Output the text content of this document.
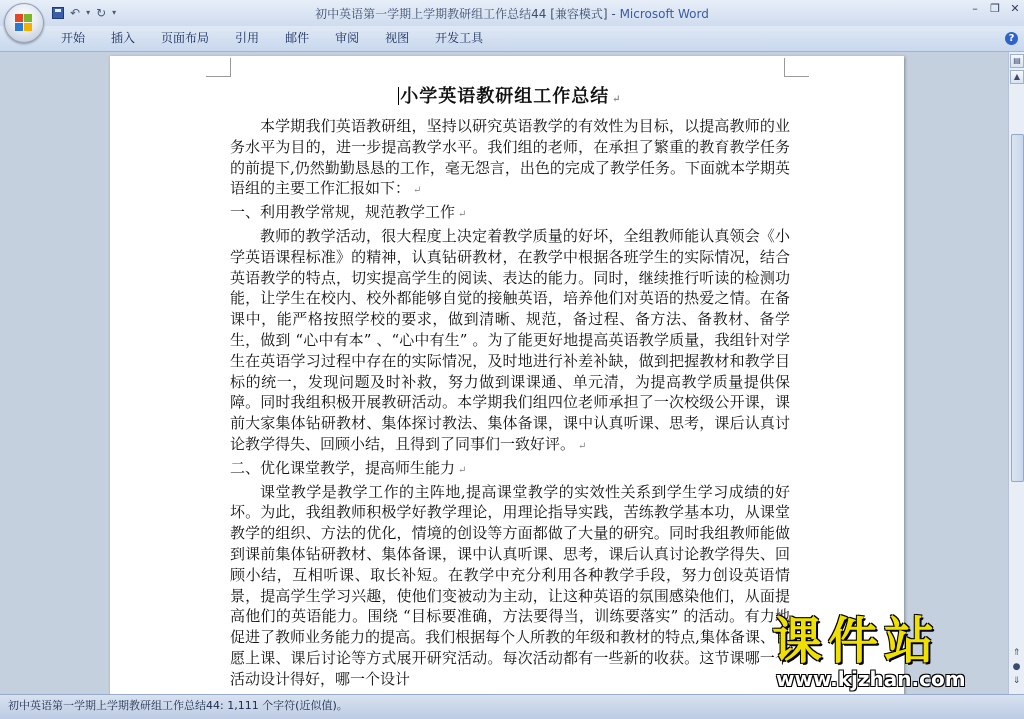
↶ ▾ ↻ ▾	初中英语第一学期上学期教研组工作总结44 [兼容模式] - Microsoft Word	– ❐ ✕
开始	插入	页面布局	引用	邮件	审阅	视图	开发工具	?
小学英语教研组工作总结 ↵

本学期我们英语教研组，坚持以研究英语教学的有效性为目标，以提高教师的业务水平为目的，进一步提高教学水平。我们组的老师，在承担了繁重的教育教学任务的前提下,仍然勤勤恳恳的工作，毫无怨言，出色的完成了教学任务。下面就本学期英语组的主要工作汇报如下： ↵

一、利用教学常规，规范教学工作 ↵

教师的教学活动，很大程度上决定着教学质量的好坏，全组教师能认真领会《小学英语课程标准》的精神，认真钻研教材，在教学中根据各班学生的实际情况，结合英语教学的特点，切实提高学生的阅读、表达的能力。同时，继续推行听读的检测功能，让学生在校内、校外都能够自觉的接触英语，培养他们对英语的热爱之情。在备课中，能严格按照学校的要求，做到清晰、规范，备过程、备方法、备教材、备学生，做到 “心中有本” 、“心中有生” 。为了能更好地提高英语教学质量，我组针对学生在英语学习过程中存在的实际情况，及时地进行补差补缺，做到把握教材和教学目标的统一，发现问题及时补救，努力做到课课通、单元清，为提高教学质量提供保障。同时我组积极开展教研活动。本学期我们组四位老师承担了一次校级公开课，课前大家集体钻研教材、集体探讨教法、集体备课，课中认真听课、思考，课后认真讨论教学得失、回顾小结，且得到了同事们一致好评。 ↵

二、优化课堂教学，提高师生能力 ↵

课堂教学是教学工作的主阵地,提高课堂教学的实效性关系到学生学习成绩的好坏。为此，我组教师积极学好教学理论，用理论指导实践，苦练教学基本功，从课堂教学的组织、方法的优化，情境的创设等方面都做了大量的研究。同时我组教师能做到课前集体钻研教材、集体备课，课中认真听课、思考，课后认真讨论教学得失、回顾小结，互相听课、取长补短。在教学中充分利用各种教学手段，努力创设英语情景，提高学生学习兴趣，使他们变被动为主动，让这种英语的氛围感染他们，从面提高他们的英语能力。围绕 “目标要准确，方法要得当，训练要落实” 的活动。有力地促进了教师业务能力的提高。我们根据每个人所教的年级和教材的特点,集体备课、自愿上课、课后讨论等方式展开研究活动。每次活动都有一些新的收获。这节课哪一个活动设计得好，哪一个设计

▤
▲
⇑
●
⇓
初中英语第一学期上学期教研组工作总结44: 1,111 个字符(近似值)。
课件站
www.kjzhan.com
